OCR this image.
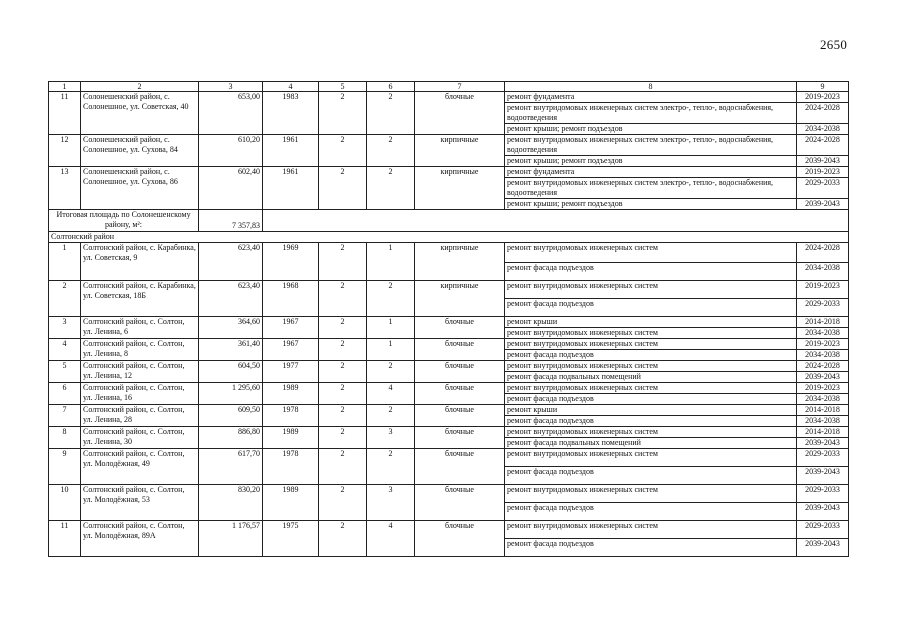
2650
1	2	3	4	5	6	7	8	9
11	Солонешенский район, с. Солонешное, ул. Советская, 40	653,00	1983	2	2	блочные	ремонт фундамента	2019-2023
							ремонт внутридомовых инженерных систем электро-, тепло-, водоснабжения, водоотведения	2024-2028
							ремонт крыши; ремонт подъездов	2034-2038
12	Солонешенский район, с. Солонешное, ул. Сухова, 84	610,20	1961	2	2	кирпичные	ремонт внутридомовых инженерных систем электро-, тепло-, водоснабжения, водоотведения	2024-2028
							ремонт крыши; ремонт подъездов	2039-2043
13	Солонешенский район, с. Солонешное, ул. Сухова, 86	602,40	1961	2	2	кирпичные	ремонт фундамента	2019-2023
							ремонт внутридомовых инженерных систем электро-, тепло-, водоснабжения, водоотведения	2029-2033
							ремонт крыши; ремонт подъездов	2039-2043
Итоговая площадь по Солонешенскому району, м²:		7 357,83						
Солтонский район								
1	Солтонский район, с. Карабинка, ул. Советская, 9	623,40	1969	2	1	кирпичные	ремонт внутридомовых инженерных систем	2024-2028
							ремонт фасада подъездов	2034-2038
2	Солтонский район, с. Карабинка, ул. Советская, 18Б	623,40	1968	2	2	кирпичные	ремонт внутридомовых инженерных систем	2019-2023
							ремонт фасада подъездов	2029-2033
3	Солтонский район, с. Солтон, ул. Ленина, 6	364,60	1967	2	1	блочные	ремонт крыши	2014-2018
							ремонт внутридомовых инженерных систем	2034-2038
4	Солтонский район, с. Солтон, ул. Ленина, 8	361,40	1967	2	1	блочные	ремонт внутридомовых инженерных систем	2019-2023
							ремонт фасада подъездов	2034-2038
5	Солтонский район, с. Солтон, ул. Ленина, 12	604,50	1977	2	2	блочные	ремонт внутридомовых инженерных систем	2024-2028
							ремонт фасада подвальных помещений	2039-2043
6	Солтонский район, с. Солтон, ул. Ленина, 16	1 295,60	1989	2	4	блочные	ремонт внутридомовых инженерных систем	2019-2023
							ремонт фасада подъездов	2034-2038
7	Солтонский район, с. Солтон, ул. Ленина, 28	609,50	1978	2	2	блочные	ремонт крыши	2014-2018
							ремонт фасада подъездов	2034-2038
8	Солтонский район, с. Солтон, ул. Ленина, 30	886,80	1989	2	3	блочные	ремонт внутридомовых инженерных систем	2014-2018
							ремонт фасада подвальных помещений	2039-2043
9	Солтонский район, с. Солтон, ул. Молодёжная, 49	617,70	1978	2	2	блочные	ремонт внутридомовых инженерных систем	2029-2033
							ремонт фасада подъездов	2039-2043
10	Солтонский район, с. Солтон, ул. Молодёжная, 53	830,20	1989	2	3	блочные	ремонт внутридомовых инженерных систем	2029-2033
							ремонт фасада подъездов	2039-2043
11	Солтонский район, с. Солтон, ул. Молодёжная, 89А	1 176,57	1975	2	4	блочные	ремонт внутридомовых инженерных систем	2029-2033
							ремонт фасада подъездов	2039-2043
